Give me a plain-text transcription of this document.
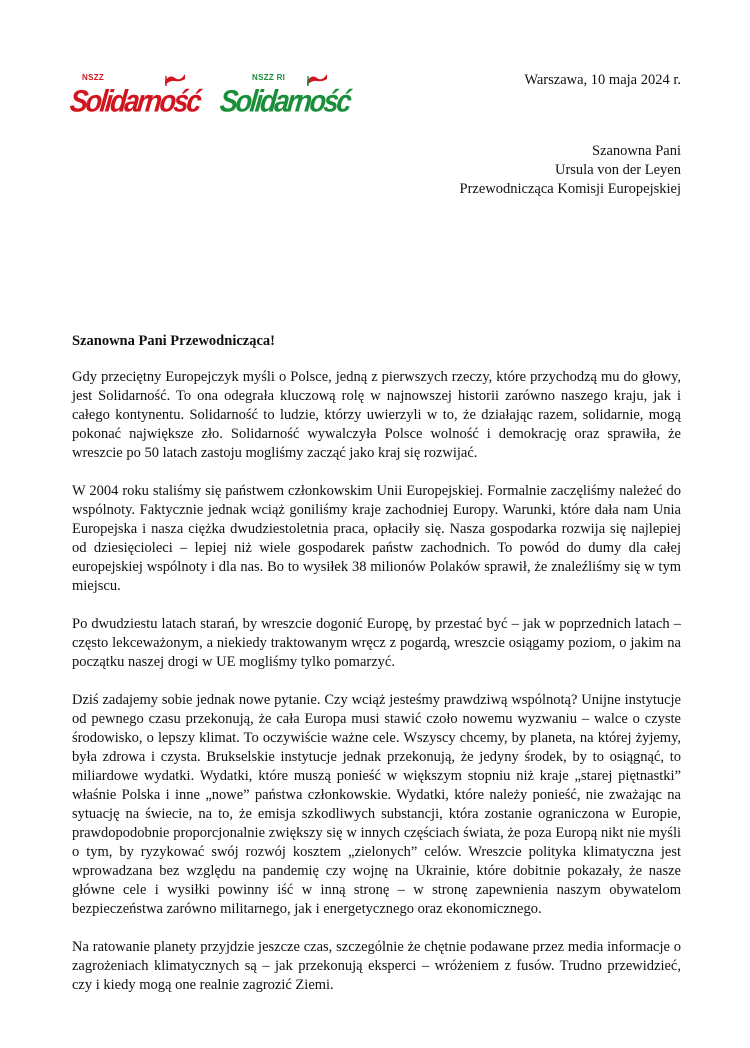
NSZZ
Solidarność
NSZZ RI
Solidarność
Warszawa, 10 maja 2024 r.
Szanowna Pani
Ursula von der Leyen
Przewodnicząca Komisji Europejskiej
Szanowna Pani Przewodnicząca!

Gdy przeciętny Europejczyk myśli o Polsce, jedną z pierwszych rzeczy, które przychodzą mu do głowy, jest Solidarność. To ona odegrała kluczową rolę w najnowszej historii zarówno naszego kraju, jak i całego kontynentu. Solidarność to ludzie, którzy uwierzyli w to, że działając razem, solidarnie, mogą pokonać największe zło. Solidarność wywalczyła Polsce wolność i demokrację oraz sprawiła, że wreszcie po 50 latach zastoju mogliśmy zacząć jako kraj się rozwijać.

W 2004 roku staliśmy się państwem członkowskim Unii Europejskiej. Formalnie zaczęliśmy należeć do wspólnoty. Faktycznie jednak wciąż goniliśmy kraje zachodniej Europy. Warunki, które dała nam Unia Europejska i nasza ciężka dwudziestoletnia praca, opłaciły się. Nasza gospodarka rozwija się najlepiej od dziesięcioleci – lepiej niż wiele gospodarek państw zachodnich. To powód do dumy dla całej europejskiej wspólnoty i dla nas. Bo to wysiłek 38 milionów Polaków sprawił, że znaleźliśmy się w tym miejscu.

Po dwudziestu latach starań, by wreszcie dogonić Europę, by przestać być – jak w poprzednich latach – często lekceważonym, a niekiedy traktowanym wręcz z pogardą, wreszcie osiągamy poziom, o jakim na początku naszej drogi w UE mogliśmy tylko pomarzyć.

Dziś zadajemy sobie jednak nowe pytanie. Czy wciąż jesteśmy prawdziwą wspólnotą? Unijne instytucje od pewnego czasu przekonują, że cała Europa musi stawić czoło nowemu wyzwaniu – walce o czyste środowisko, o lepszy klimat. To oczywiście ważne cele. Wszyscy chcemy, by planeta, na której żyjemy, była zdrowa i czysta. Brukselskie instytucje jednak przekonują, że jedyny środek, by to osiągnąć, to miliardowe wydatki. Wydatki, które muszą ponieść w większym stopniu niż kraje „starej piętnastki” właśnie Polska i inne „nowe” państwa członkowskie. Wydatki, które należy ponieść, nie zważając na sytuację na świecie, na to, że emisja szkodliwych substancji, która zostanie ograniczona w Europie, prawdopodobnie proporcjonalnie zwiększy się w innych częściach świata, że poza Europą nikt nie myśli o tym, by ryzykować swój rozwój kosztem „zielonych” celów. Wreszcie polityka klimatyczna jest wprowadzana bez względu na pandemię czy wojnę na Ukrainie, które dobitnie pokazały, że nasze główne cele i wysiłki powinny iść w inną stronę – w stronę zapewnienia naszym obywatelom bezpieczeństwa zarówno militarnego, jak i energetycznego oraz ekonomicznego.

Na ratowanie planety przyjdzie jeszcze czas, szczególnie że chętnie podawane przez media informacje o zagrożeniach klimatycznych są – jak przekonują eksperci – wróżeniem z fusów. Trudno przewidzieć, czy i kiedy mogą one realnie zagrozić Ziemi.
